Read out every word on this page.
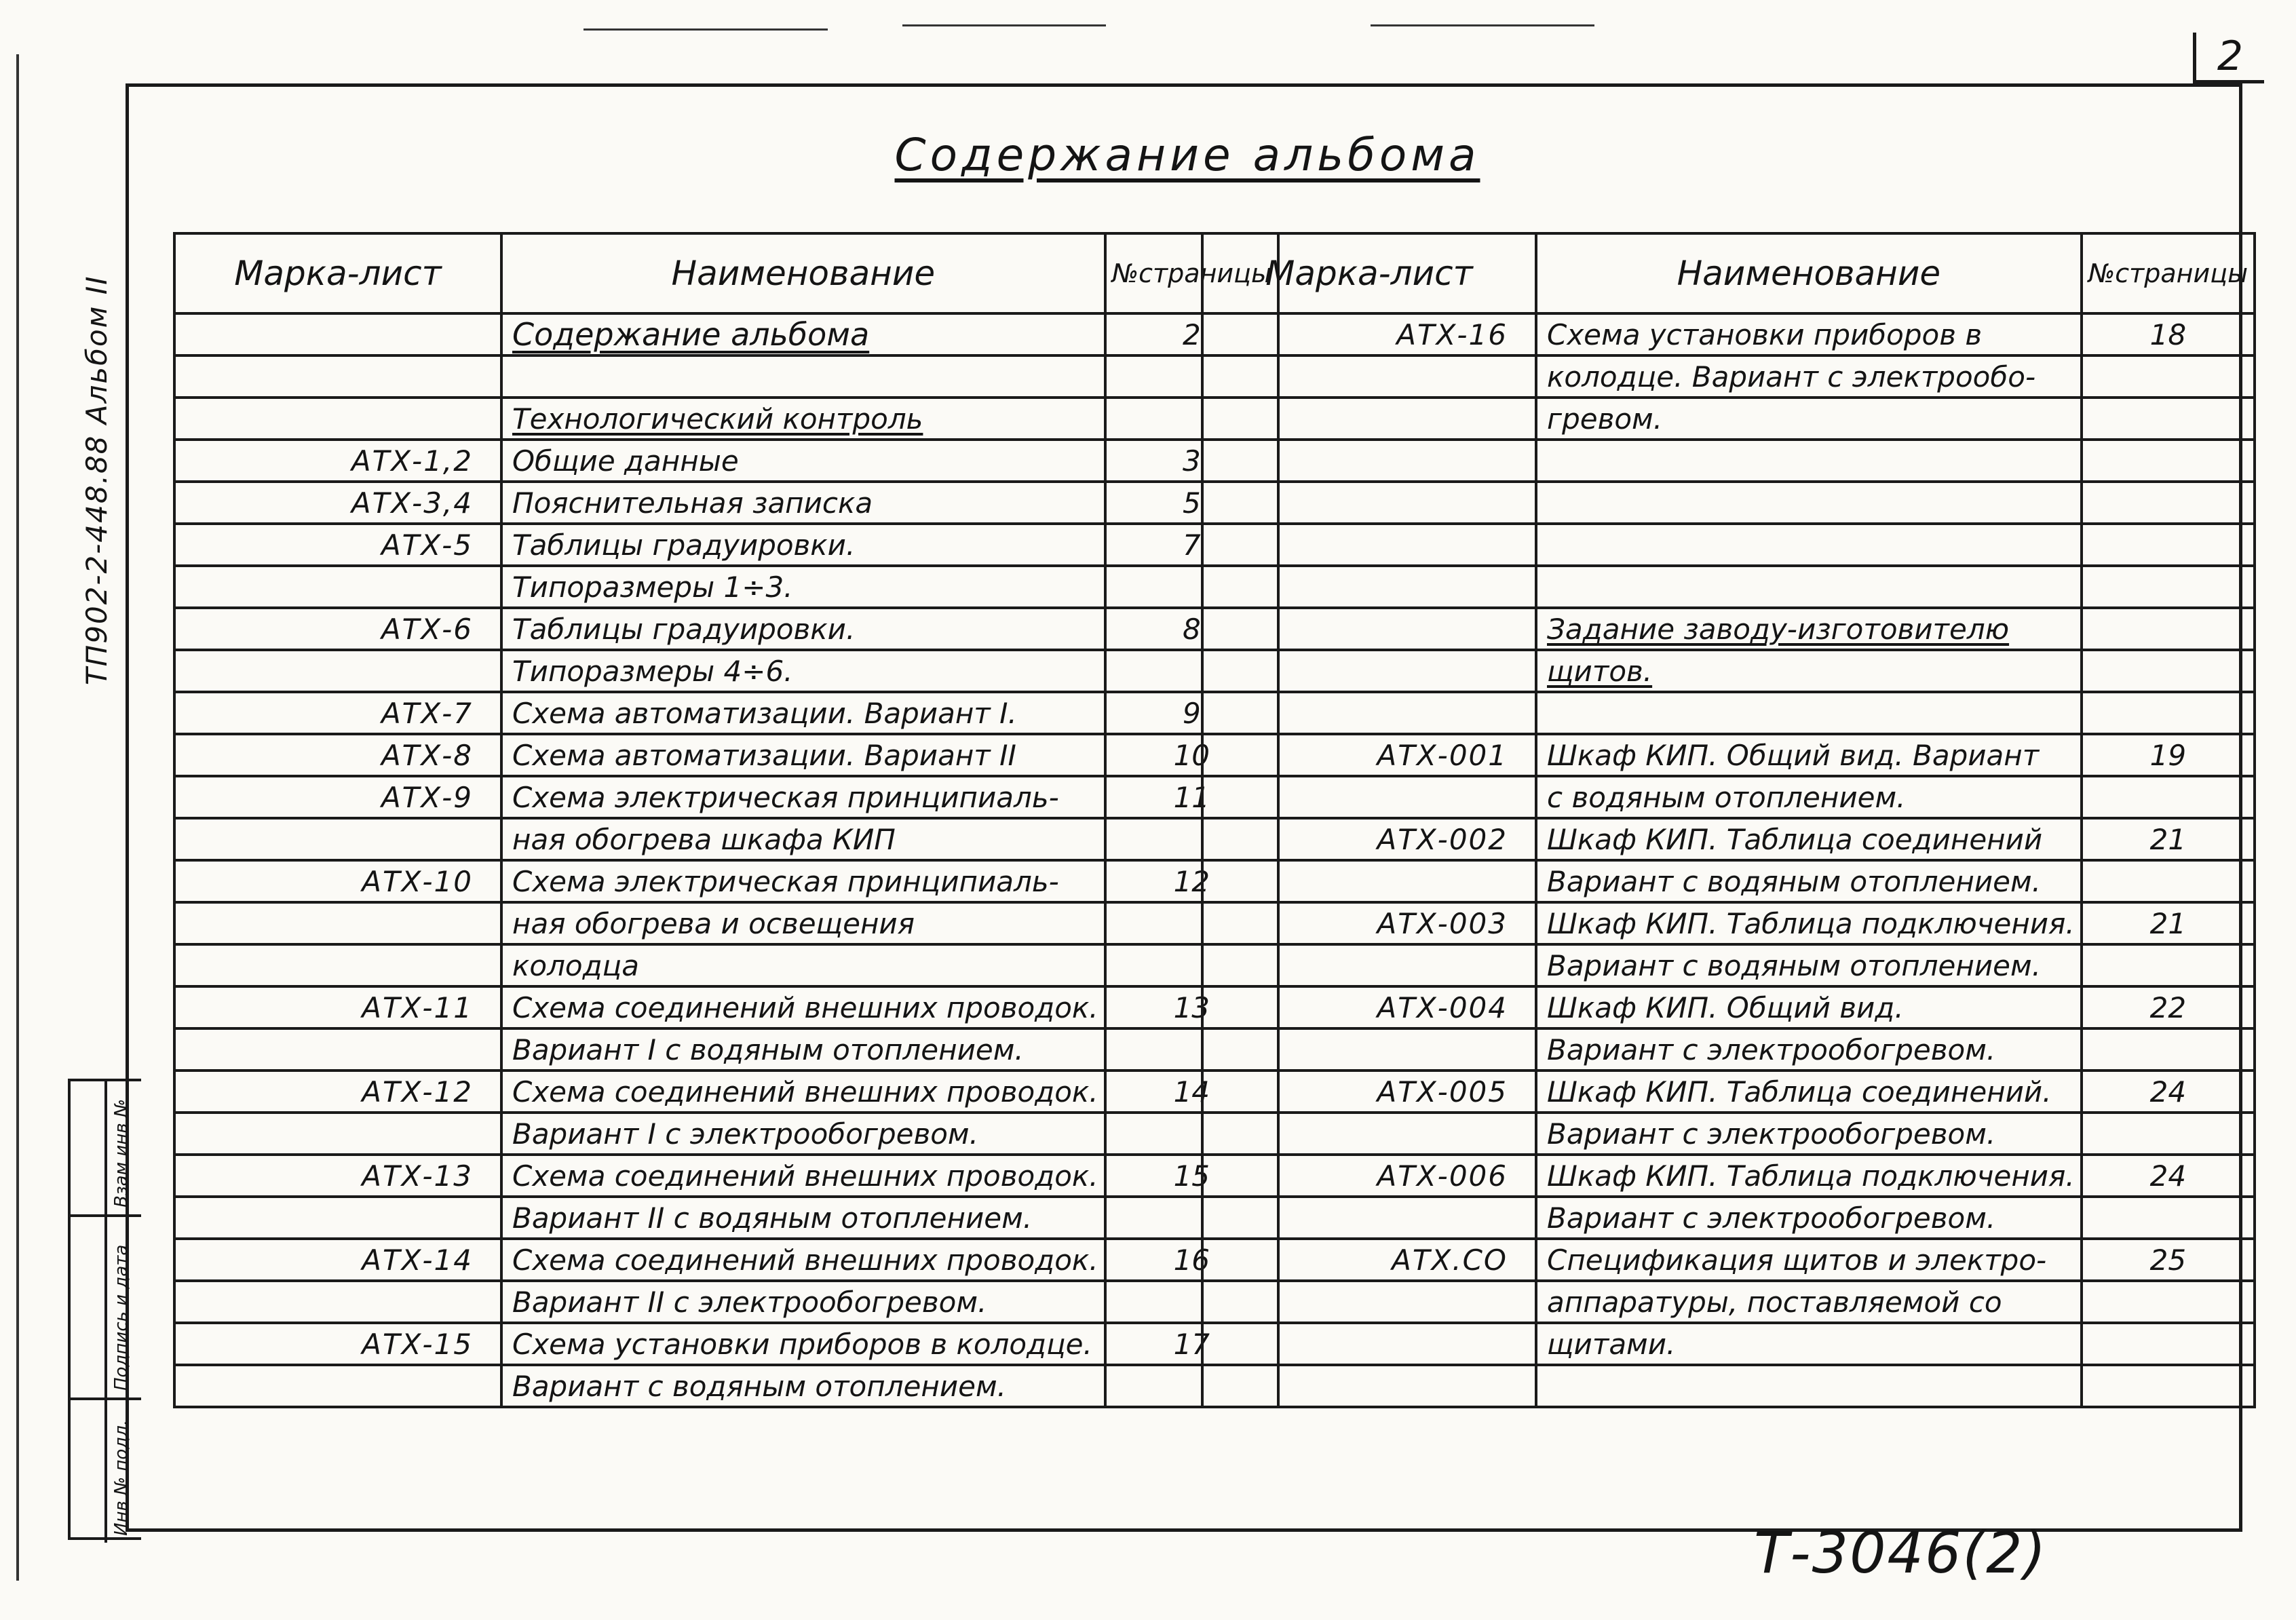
2
Содержание альбома
ТП902-2-448.88 Альбом II
Инв № подл.
Подпись и дата
Взам инв №
Марка-лист	Наименование	№страницы
	Содержание альбома	2

	Технологический контроль	
АТХ-1,2	Общие данные	3
АТХ-3,4	Пояснительная записка	5
АТХ-5	Таблицы градуировки.	7
	Типоразмеры 1÷3.	
АТХ-6	Таблицы градуировки.	8
	Типоразмеры 4÷6.	
АТХ-7	Схема автоматизации. Вариант I.	9
АТХ-8	Схема автоматизации. Вариант II	10
АТХ-9	Схема электрическая принципиаль-	11
	ная обогрева шкафа КИП	
АТХ-10	Схема электрическая принципиаль-	12
	ная обогрева и освещения	
	колодца	
АТХ-11	Схема соединений внешних проводок.	13
	Вариант I с водяным отоплением.	
АТХ-12	Схема соединений внешних проводок.	14
	Вариант I с электрообогревом.	
АТХ-13	Схема соединений внешних проводок.	15
	Вариант II с водяным отоплением.	
АТХ-14	Схема соединений внешних проводок.	16
	Вариант II с электрообогревом.	
АТХ-15	Схема установки приборов в колодце.	17
	Вариант с водяным отоплением.	
Марка-лист	Наименование	№страницы
АТХ-16	Схема установки приборов в	18
	колодце. Вариант с электрообо-	
	гревом.	

	Задание заводу-изготовителю	
	щитов.	

АТХ-001	Шкаф КИП. Общий вид. Вариант	19
	с водяным отоплением.	
АТХ-002	Шкаф КИП. Таблица соединений	21
	Вариант с водяным отоплением.	
АТХ-003	Шкаф КИП. Таблица подключения.	21
	Вариант с водяным отоплением.	
АТХ-004	Шкаф КИП. Общий вид.	22
	Вариант с электрообогревом.	
АТХ-005	Шкаф КИП. Таблица соединений.	24
	Вариант с электрообогревом.	
АТХ-006	Шкаф КИП. Таблица подключения.	24
	Вариант с электрообогревом.	
АТХ.СО	Спецификация щитов и электро-	25
	аппаратуры, поставляемой со	
	щитами.	

Т-3046(2)
